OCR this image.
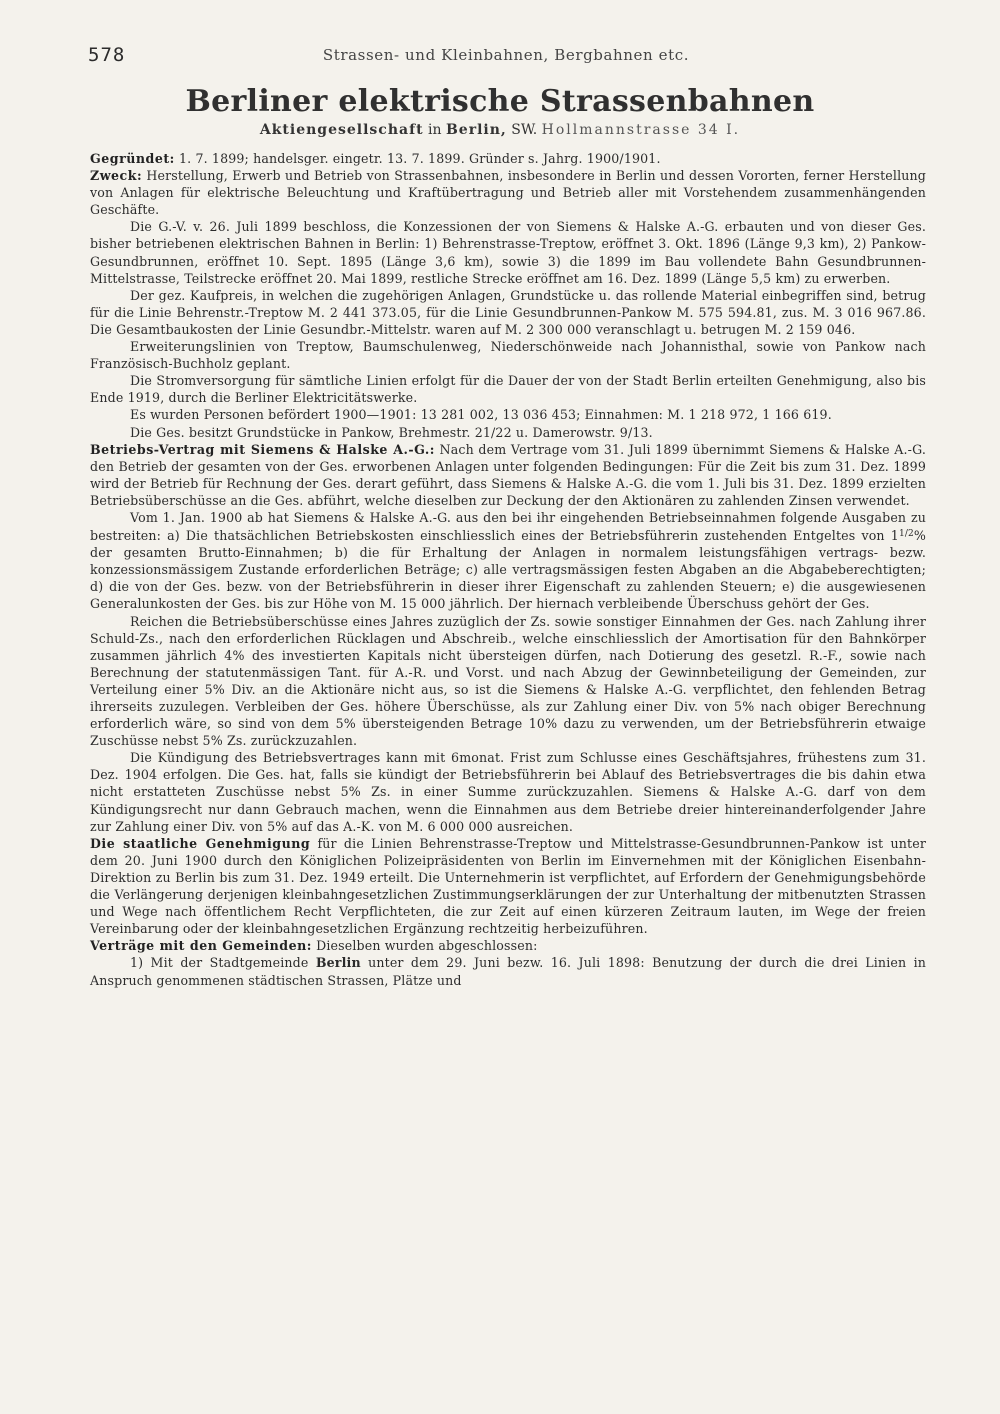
578	Strassen- und Kleinbahnen, Bergbahnen etc.
Berliner elektrische Strassenbahnen
Aktiengesellschaft in Berlin, SW. Hollmannstrasse 34 I.

Gegründet: 1. 7. 1899; handelsger. eingetr. 13. 7. 1899. Gründer s. Jahrg. 1900/1901.

Zweck: Herstellung, Erwerb und Betrieb von Strassenbahnen, insbesondere in Berlin und dessen Vororten, ferner Herstellung von Anlagen für elektrische Beleuchtung und Kraftübertragung und Betrieb aller mit Vorstehendem zusammenhängenden Geschäfte.

Die G.-V. v. 26. Juli 1899 beschloss, die Konzessionen der von Siemens & Halske A.-G. erbauten und von dieser Ges. bisher betriebenen elektrischen Bahnen in Berlin: 1) Behrenstrasse-Treptow, eröffnet 3. Okt. 1896 (Länge 9,3 km), 2) Pankow-Gesundbrunnen, eröffnet 10. Sept. 1895 (Länge 3,6 km), sowie 3) die 1899 im Bau vollendete Bahn Gesundbrunnen-Mittelstrasse, Teilstrecke eröffnet 20. Mai 1899, restliche Strecke eröffnet am 16. Dez. 1899 (Länge 5,5 km) zu erwerben.

Der gez. Kaufpreis, in welchen die zugehörigen Anlagen, Grundstücke u. das rollende Material einbegriffen sind, betrug für die Linie Behrenstr.-Treptow M. 2 441 373.05, für die Linie Gesundbrunnen-Pankow M. 575 594.81, zus. M. 3 016 967.86. Die Gesamtbaukosten der Linie Gesundbr.-Mittelstr. waren auf M. 2 300 000 veranschlagt u. betrugen M. 2 159 046.

Erweiterungslinien von Treptow, Baumschulenweg, Niederschönweide nach Johannisthal, sowie von Pankow nach Französisch-Buchholz geplant.

Die Stromversorgung für sämtliche Linien erfolgt für die Dauer der von der Stadt Berlin erteilten Genehmigung, also bis Ende 1919, durch die Berliner Elektricitätswerke.

Es wurden Personen befördert 1900—1901: 13 281 002, 13 036 453; Einnahmen: M. 1 218 972, 1 166 619.

Die Ges. besitzt Grundstücke in Pankow, Brehmestr. 21/22 u. Damerowstr. 9/13.

Betriebs-Vertrag mit Siemens & Halske A.-G.: Nach dem Vertrage vom 31. Juli 1899 übernimmt Siemens & Halske A.-G. den Betrieb der gesamten von der Ges. erworbenen Anlagen unter folgenden Bedingungen: Für die Zeit bis zum 31. Dez. 1899 wird der Betrieb für Rechnung der Ges. derart geführt, dass Siemens & Halske A.-G. die vom 1. Juli bis 31. Dez. 1899 erzielten Betriebsüberschüsse an die Ges. abführt, welche dieselben zur Deckung der den Aktionären zu zahlenden Zinsen verwendet.

Vom 1. Jan. 1900 ab hat Siemens & Halske A.-G. aus den bei ihr eingehenden Betriebseinnahmen folgende Ausgaben zu bestreiten: a) Die thatsächlichen Betriebskosten einschliesslich eines der Betriebsführerin zustehenden Entgeltes von $1^{1/2}\%$ der gesamten Brutto-Einnahmen; b) die für Erhaltung der Anlagen in normalem leistungsfähigen vertrags- bezw. konzessionsmässigem Zustande erforderlichen Beträge; c) alle vertragsmässigen festen Abgaben an die Abgabeberechtigten; d) die von der Ges. bezw. von der Betriebsführerin in dieser ihrer Eigenschaft zu zahlenden Steuern; e) die ausgewiesenen Generalunkosten der Ges. bis zur Höhe von M. 15 000 jährlich. Der hiernach verbleibende Überschuss gehört der Ges.

Reichen die Betriebsüberschüsse eines Jahres zuzüglich der Zs. sowie sonstiger Einnahmen der Ges. nach Zahlung ihrer Schuld-Zs., nach den erforderlichen Rücklagen und Abschreib., welche einschliesslich der Amortisation für den Bahnkörper zusammen jährlich 4% des investierten Kapitals nicht übersteigen dürfen, nach Dotierung des gesetzl. R.-F., sowie nach Berechnung der statutenmässigen Tant. für A.-R. und Vorst. und nach Abzug der Gewinnbeteiligung der Gemeinden, zur Verteilung einer 5% Div. an die Aktionäre nicht aus, so ist die Siemens & Halske A.-G. verpflichtet, den fehlenden Betrag ihrerseits zuzulegen. Verbleiben der Ges. höhere Überschüsse, als zur Zahlung einer Div. von 5% nach obiger Berechnung erforderlich wäre, so sind von dem 5% übersteigenden Betrage 10% dazu zu verwenden, um der Betriebsführerin etwaige Zuschüsse nebst 5% Zs. zurückzuzahlen.

Die Kündigung des Betriebsvertrages kann mit 6monat. Frist zum Schlusse eines Geschäftsjahres, frühestens zum 31. Dez. 1904 erfolgen. Die Ges. hat, falls sie kündigt der Betriebsführerin bei Ablauf des Betriebsvertrages die bis dahin etwa nicht erstatteten Zuschüsse nebst 5% Zs. in einer Summe zurückzuzahlen. Siemens & Halske A.-G. darf von dem Kündigungsrecht nur dann Gebrauch machen, wenn die Einnahmen aus dem Betriebe dreier hintereinanderfolgender Jahre zur Zahlung einer Div. von 5% auf das A.-K. von M. 6 000 000 ausreichen.

Die staatliche Genehmigung für die Linien Behrenstrasse-Treptow und Mittelstrasse-Gesundbrunnen-Pankow ist unter dem 20. Juni 1900 durch den Königlichen Polizeipräsidenten von Berlin im Einvernehmen mit der Königlichen Eisenbahn-Direktion zu Berlin bis zum 31. Dez. 1949 erteilt. Die Unternehmerin ist verpflichtet, auf Erfordern der Genehmigungsbehörde die Verlängerung derjenigen kleinbahngesetzlichen Zustimmungserklärungen der zur Unterhaltung der mitbenutzten Strassen und Wege nach öffentlichem Recht Verpflichteten, die zur Zeit auf einen kürzeren Zeitraum lauten, im Wege der freien Vereinbarung oder der kleinbahngesetzlichen Ergänzung rechtzeitig herbeizuführen.

Verträge mit den Gemeinden: Dieselben wurden abgeschlossen:

1) Mit der Stadtgemeinde Berlin unter dem 29. Juni bezw. 16. Juli 1898: Benutzung der durch die drei Linien in Anspruch genommenen städtischen Strassen, Plätze und
